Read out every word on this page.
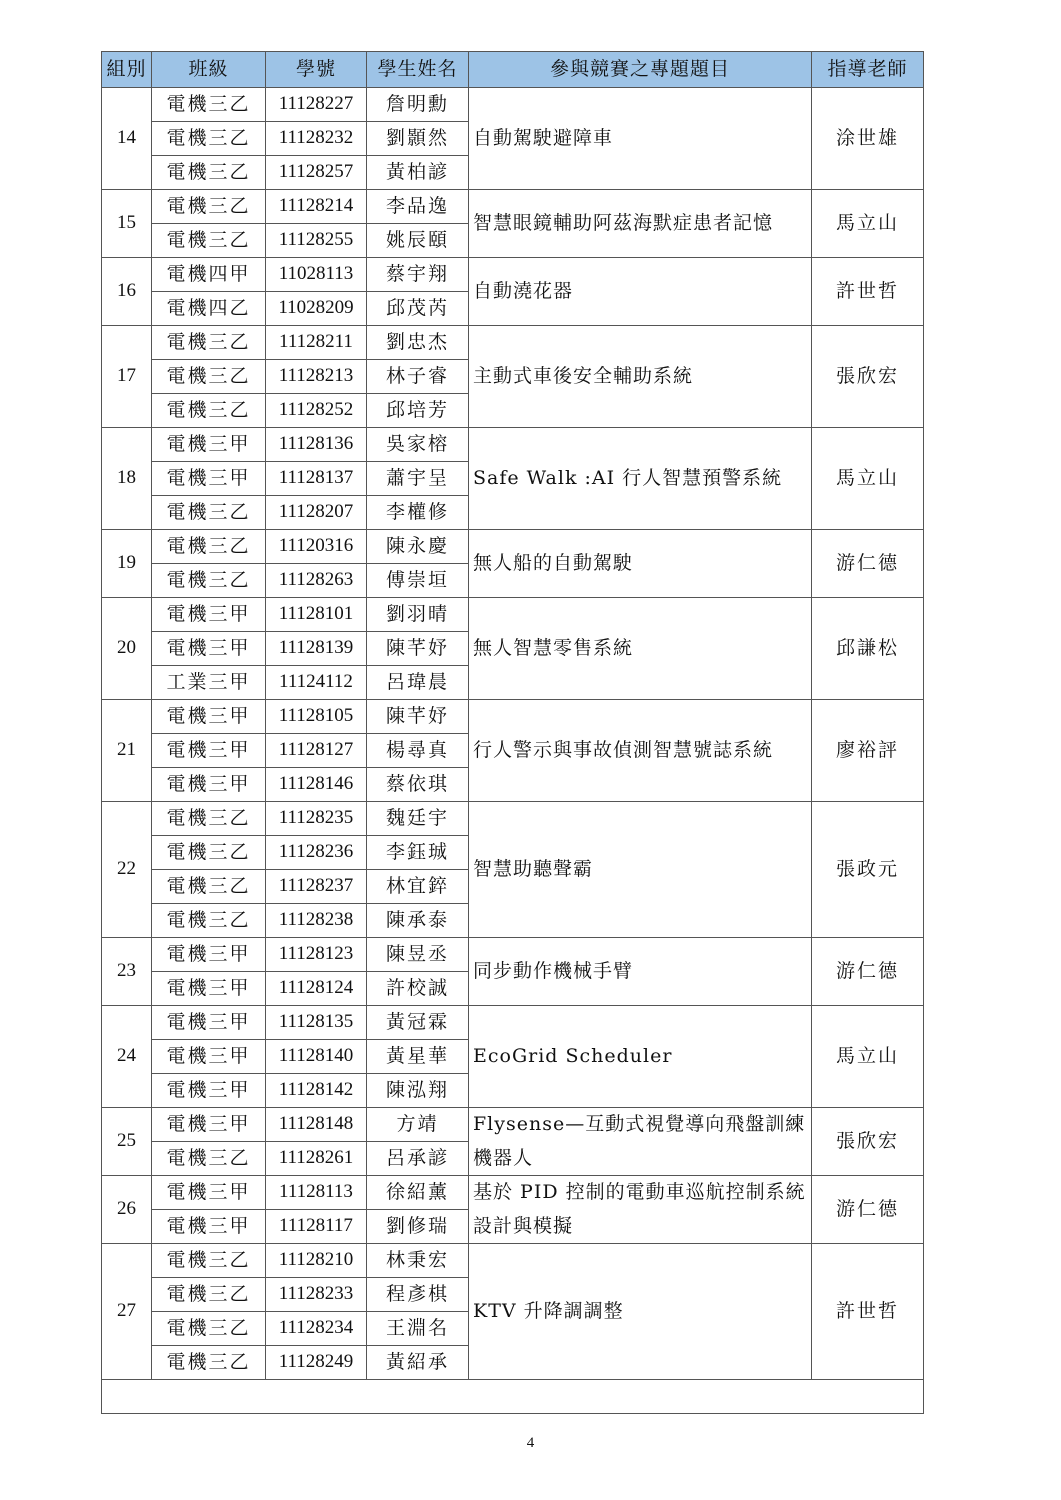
組別	班級	學號	學生姓名	參與競賽之專題題目	指導老師
14	電機三乙	11128227	詹明勳	自動駕駛避障車	涂世雄
	電機三乙	11128232	劉顥然		
	電機三乙	11128257	黃柏諺		
15	電機三乙	11128214	李品逸	智慧眼鏡輔助阿茲海默症患者記憶	馬立山
	電機三乙	11128255	姚辰頤		
16	電機四甲	11028113	蔡宇翔	自動澆花器	許世哲
	電機四乙	11028209	邱茂芮		
17	電機三乙	11128211	劉忠杰	主動式車後安全輔助系統	張欣宏
	電機三乙	11128213	林子睿		
	電機三乙	11128252	邱培芳		
18	電機三甲	11128136	吳家榕	Safe Walk :AI 行人智慧預警系統	馬立山
	電機三甲	11128137	蕭宇呈		
	電機三乙	11128207	李權修		
19	電機三乙	11120316	陳永慶	無人船的自動駕駛	游仁德
	電機三乙	11128263	傅崇垣		
20	電機三甲	11128101	劉羽晴	無人智慧零售系統	邱謙松
	電機三甲	11128139	陳芊妤		
	工業三甲	11124112	呂瑋晨		
21	電機三甲	11128105	陳芊妤	行人警示與事故偵測智慧號誌系統	廖裕評
	電機三甲	11128127	楊尋真		
	電機三甲	11128146	蔡依琪		
22	電機三乙	11128235	魏廷宇	智慧助聽聲霸	張政元
	電機三乙	11128236	李鈺珹		
	電機三乙	11128237	林宜錊		
	電機三乙	11128238	陳承泰		
23	電機三甲	11128123	陳昱丞	同步動作機械手臂	游仁德
	電機三甲	11128124	許校誠		
24	電機三甲	11128135	黃冠霖	EcoGrid Scheduler	馬立山
	電機三甲	11128140	黃星華		
	電機三甲	11128142	陳泓翔		
25	電機三甲	11128148	方靖	Flysense—互動式視覺導向飛盤訓練機器人	張欣宏
	電機三乙	11128261	呂承諺		
26	電機三甲	11128113	徐紹薰	基於 PID 控制的電動車巡航控制系統設計與模擬	游仁德
	電機三甲	11128117	劉修瑞		
27	電機三乙	11128210	林秉宏	KTV 升降調調整	許世哲
	電機三乙	11128233	程彥棋		
	電機三乙	11128234	王淵名		
	電機三乙	11128249	黃紹承		

4
